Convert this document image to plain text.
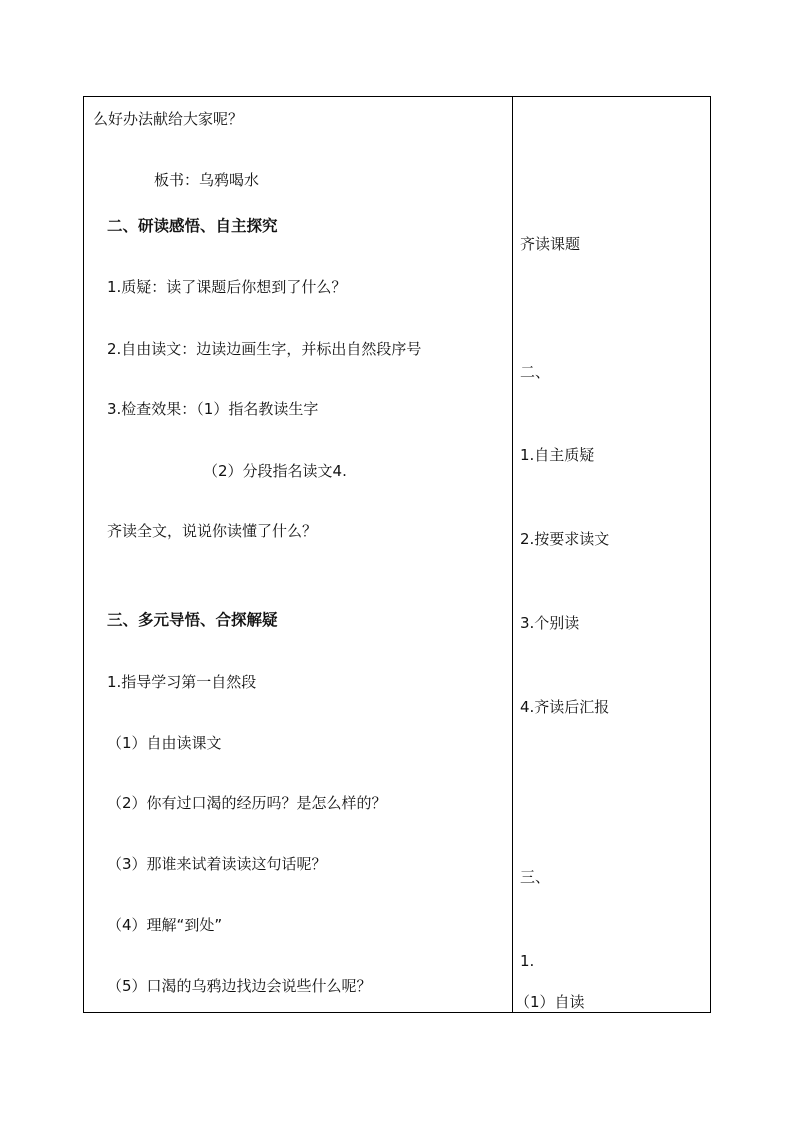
么好办法献给大家呢？
板书：乌鸦喝水
二、研读感悟、自主探究
1.质疑：读了课题后你想到了什么？
2.自由读文：边读边画生字，并标出自然段序号
3.检查效果：（1）指名教读生字
（2）分段指名读文4.
齐读全文，说说你读懂了什么？
三、多元导悟、合探解疑
1.指导学习第一自然段
（1）自由读课文
（2）你有过口渴的经历吗？是怎么样的？
（3）那谁来试着读读这句话呢？
（4）理解“到处”
（5）口渴的乌鸦边找边会说些什么呢？
齐读课题
二、
1.自主质疑
2.按要求读文
3.个别读
4.齐读后汇报
三、
1.
（1）自读
